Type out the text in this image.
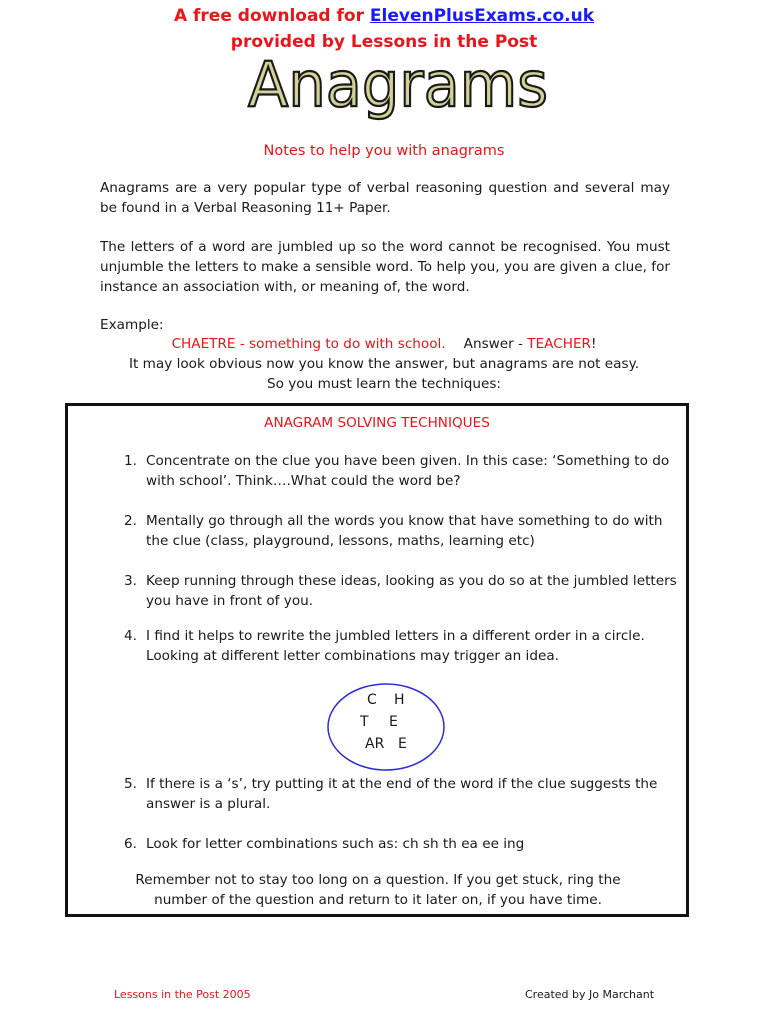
A free download for ElevenPlusExams.co.uk
provided by Lessons in the Post
Anagrams
Notes to help you with anagrams
Anagrams are a very popular type of verbal reasoning question and several may be found in a Verbal Reasoning 11+ Paper.
The letters of a word are jumbled up so the word cannot be recognised. You must unjumble the letters to make a sensible word. To help you, you are given a clue, for instance an association with, or meaning of, the word.
Example:
CHAETRE - something to do with school. Answer - TEACHER!
It may look obvious now you know the answer, but anagrams are not easy.
So you must learn the techniques:
ANAGRAM SOLVING TECHNIQUES
1. Concentrate on the clue you have been given. In this case: ‘Something to do with school’. Think….What could the word be?
2. Mentally go through all the words you know that have something to do with the clue (class, playground, lessons, maths, learning etc)
3. Keep running through these ideas, looking as you do so at the jumbled letters you have in front of you.
4. I find it helps to rewrite the jumbled letters in a different order in a circle. Looking at different letter combinations may trigger an idea.
C H
T E
AR E
5. If there is a ‘s’, try putting it at the end of the word if the clue suggests the answer is a plural.
6. Look for letter combinations such as: ch sh th ea ee ing
Remember not to stay too long on a question. If you get stuck, ring the number of the question and return to it later on, if you have time.
Lessons in the Post 2005	Created by Jo Marchant
